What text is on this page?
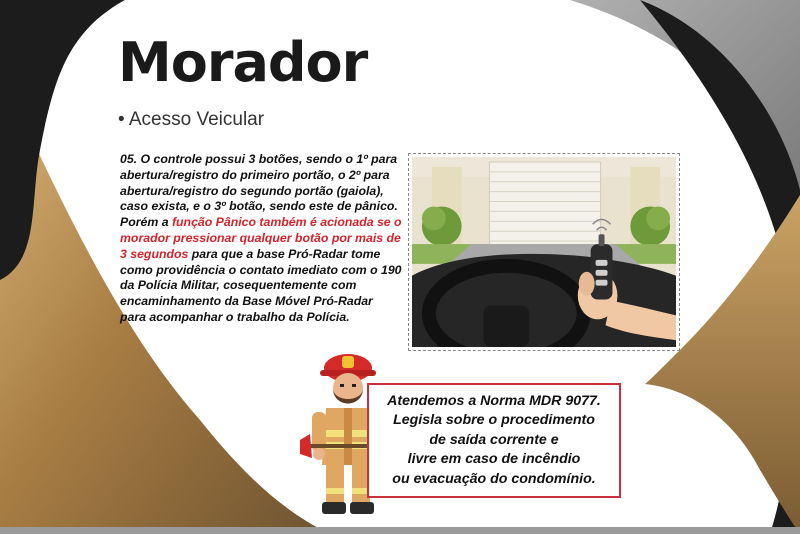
Morador
• Acesso Veicular
05. O controle possui 3 botões, sendo o 1º para abertura/registro do primeiro portão, o 2º para abertura/registro do segundo portão (gaiola), caso exista, e o 3º botão, sendo este de pânico. Porém a função Pânico também é acionada se o morador pressionar qualquer botão por mais de 3 segundos para que a base Pró-Radar tome como providência o contato imediato com o 190 da Polícia Militar, cosequentemente com encaminhamento da Base Móvel Pró-Radar para acompanhar o trabalho da Polícia.
Atendemos a Norma MDR 9077.
Legisla sobre o procedimento
de saída corrente e
livre em caso de incêndio
ou evacuação do condomínio.
